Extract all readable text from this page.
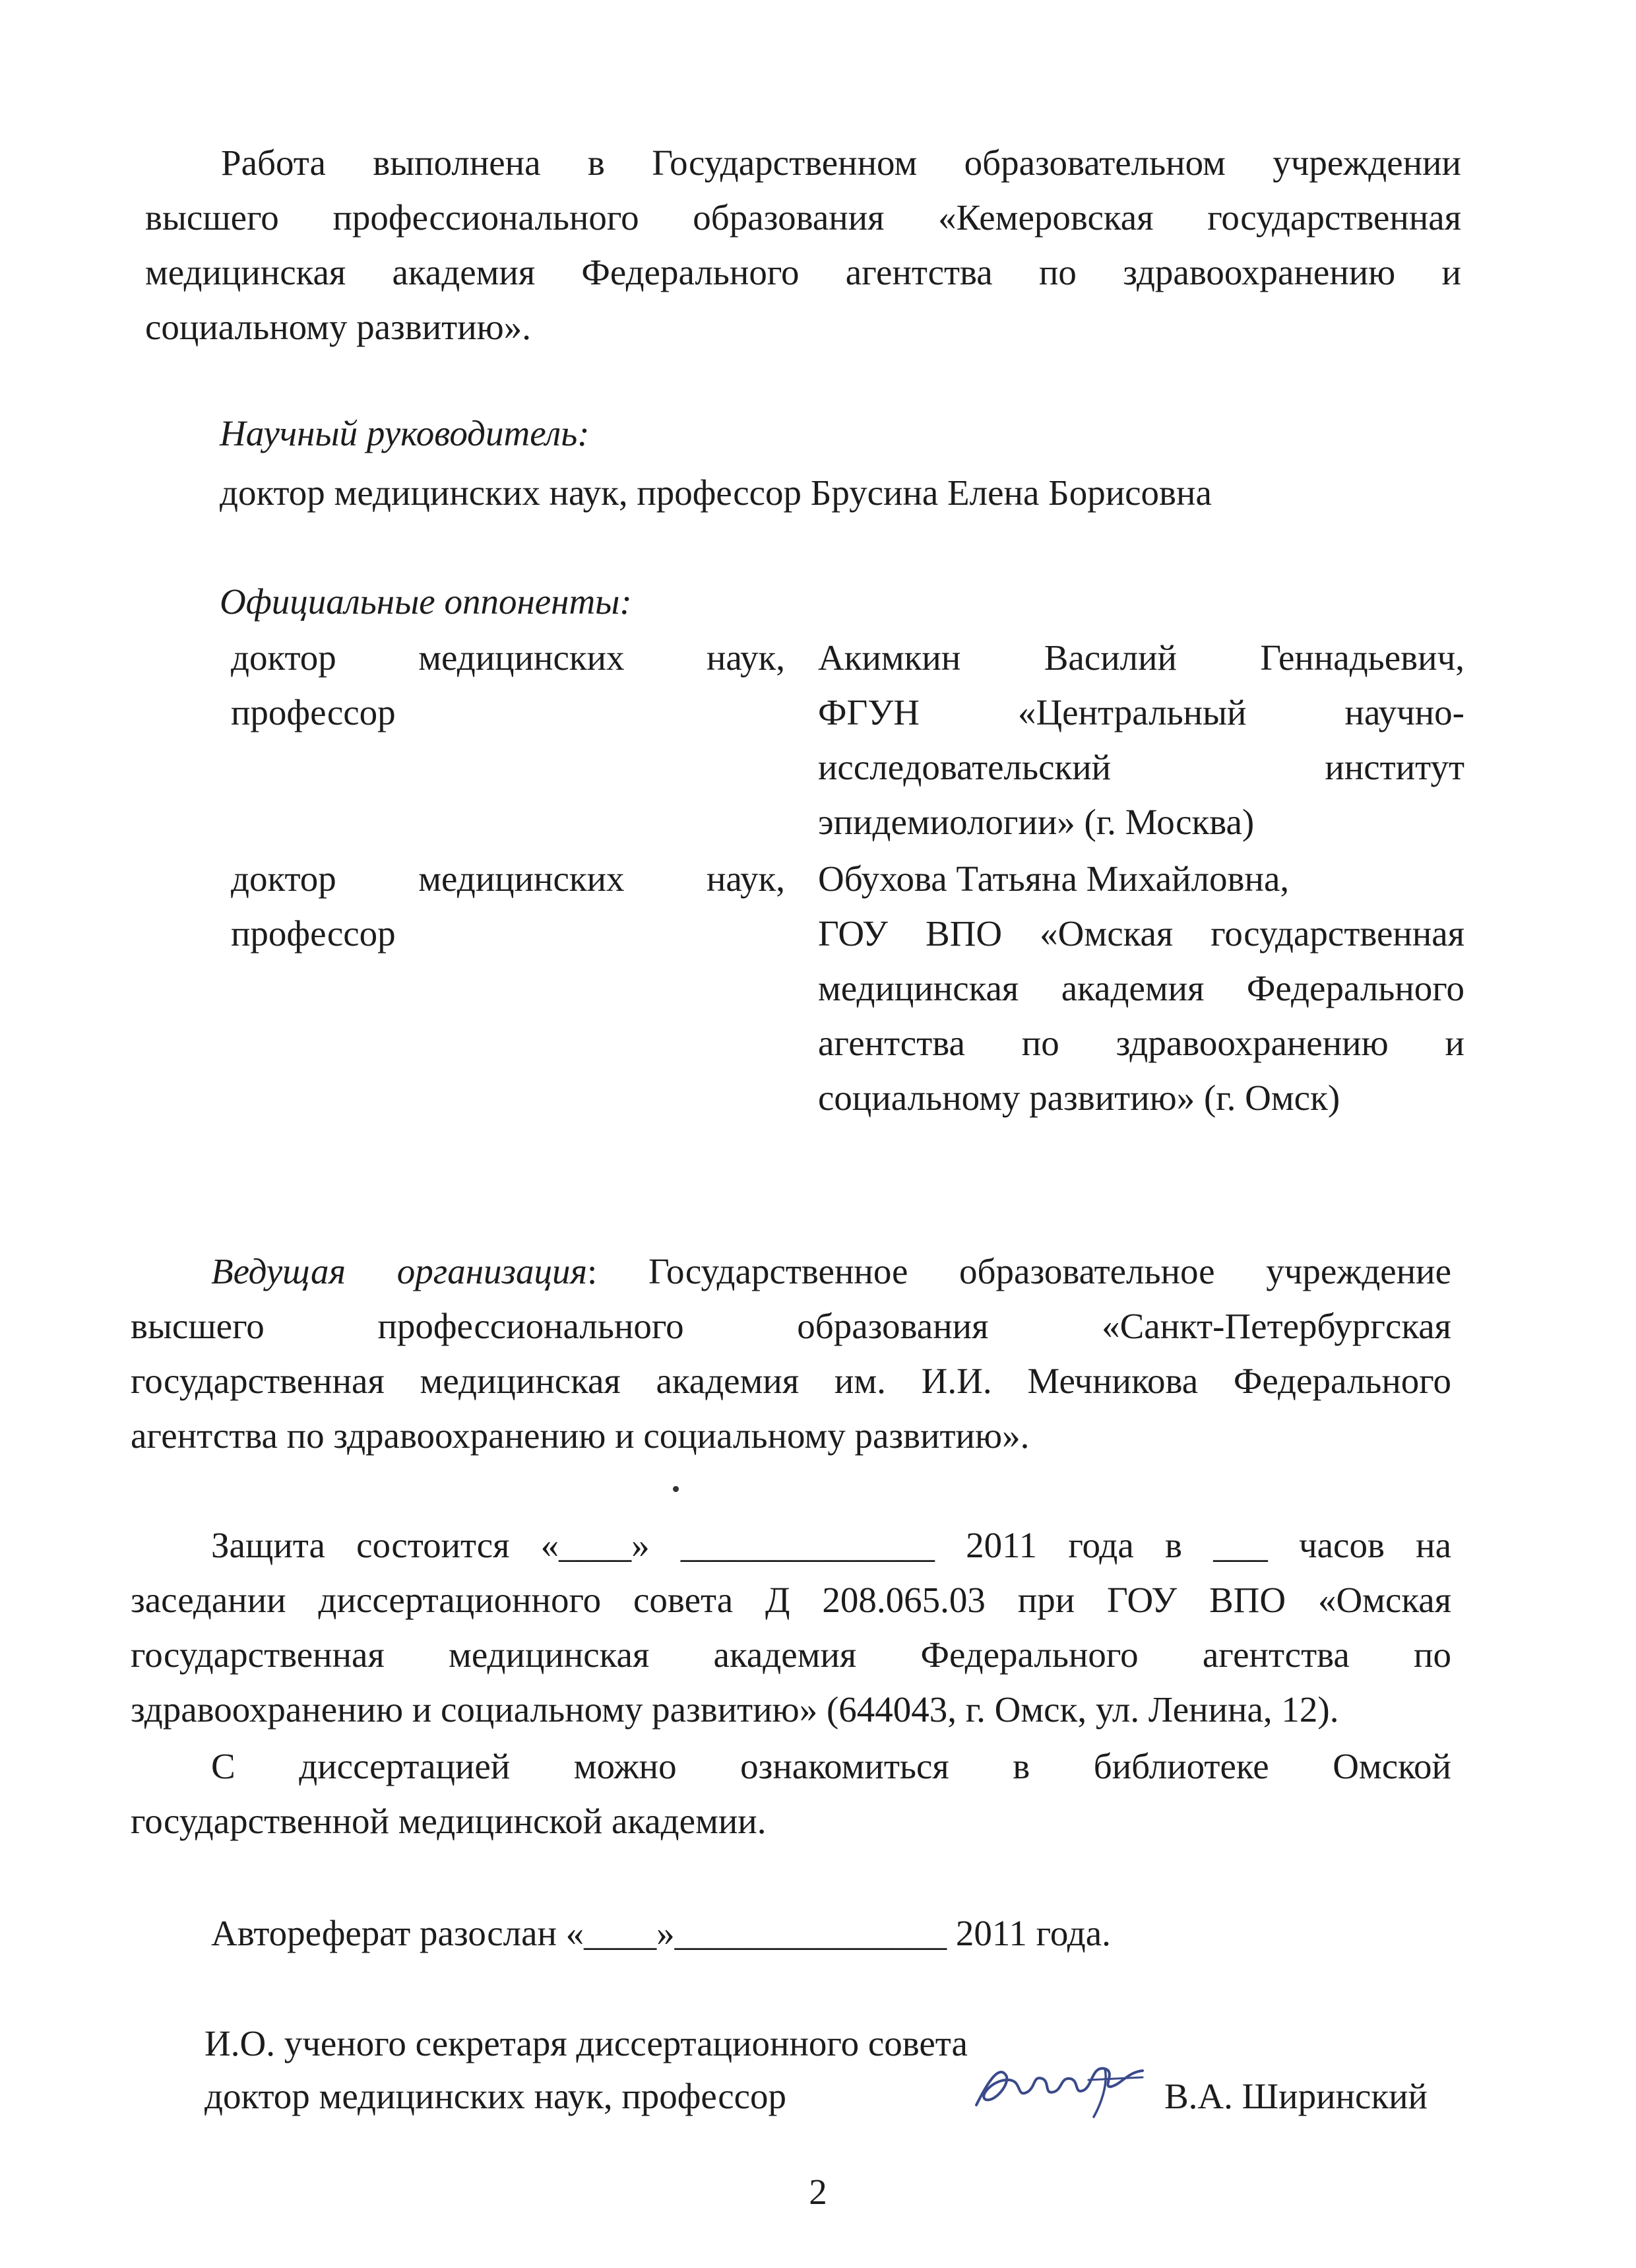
Работа выполнена в Государственном образовательном учреждении
высшего профессионального образования «Кемеровская государственная
медицинская академия Федерального агентства по здравоохранению и
социальному развитию».
Научный руководитель:
доктор медицинских наук, профессор Брусина Елена Борисовна
Официальные оппоненты:
доктор медицинских наук,
профессор
Акимкин Василий Геннадьевич,
ФГУН «Центральный научно-
исследовательский институт
эпидемиологии» (г. Москва)
доктор медицинских наук,
профессор
Обухова Татьяна Михайловна,
ГОУ ВПО «Омская государственная
медицинская академия Федерального
агентства по здравоохранению и
социальному развитию» (г. Омск)
Ведущая организация: Государственное образовательное учреждение
высшего профессионального образования «Санкт-Петербургская
государственная медицинская академия им. И.И. Мечникова Федерального
агентства по здравоохранению и социальному развитию».
Защита состоится «____» ______________ 2011 года в ___ часов на
заседании диссертационного совета Д 208.065.03 при ГОУ ВПО «Омская
государственная медицинская академия Федерального агентства по
здравоохранению и социальному развитию» (644043, г. Омск, ул. Ленина, 12).
С диссертацией можно ознакомиться в библиотеке Омской
государственной медицинской академии.
Автореферат разослан «____»_______________ 2011 года.
И.О. ученого секретаря диссертационного совета
доктор медицинских наук, профессор	В.А. Ширинский
2
